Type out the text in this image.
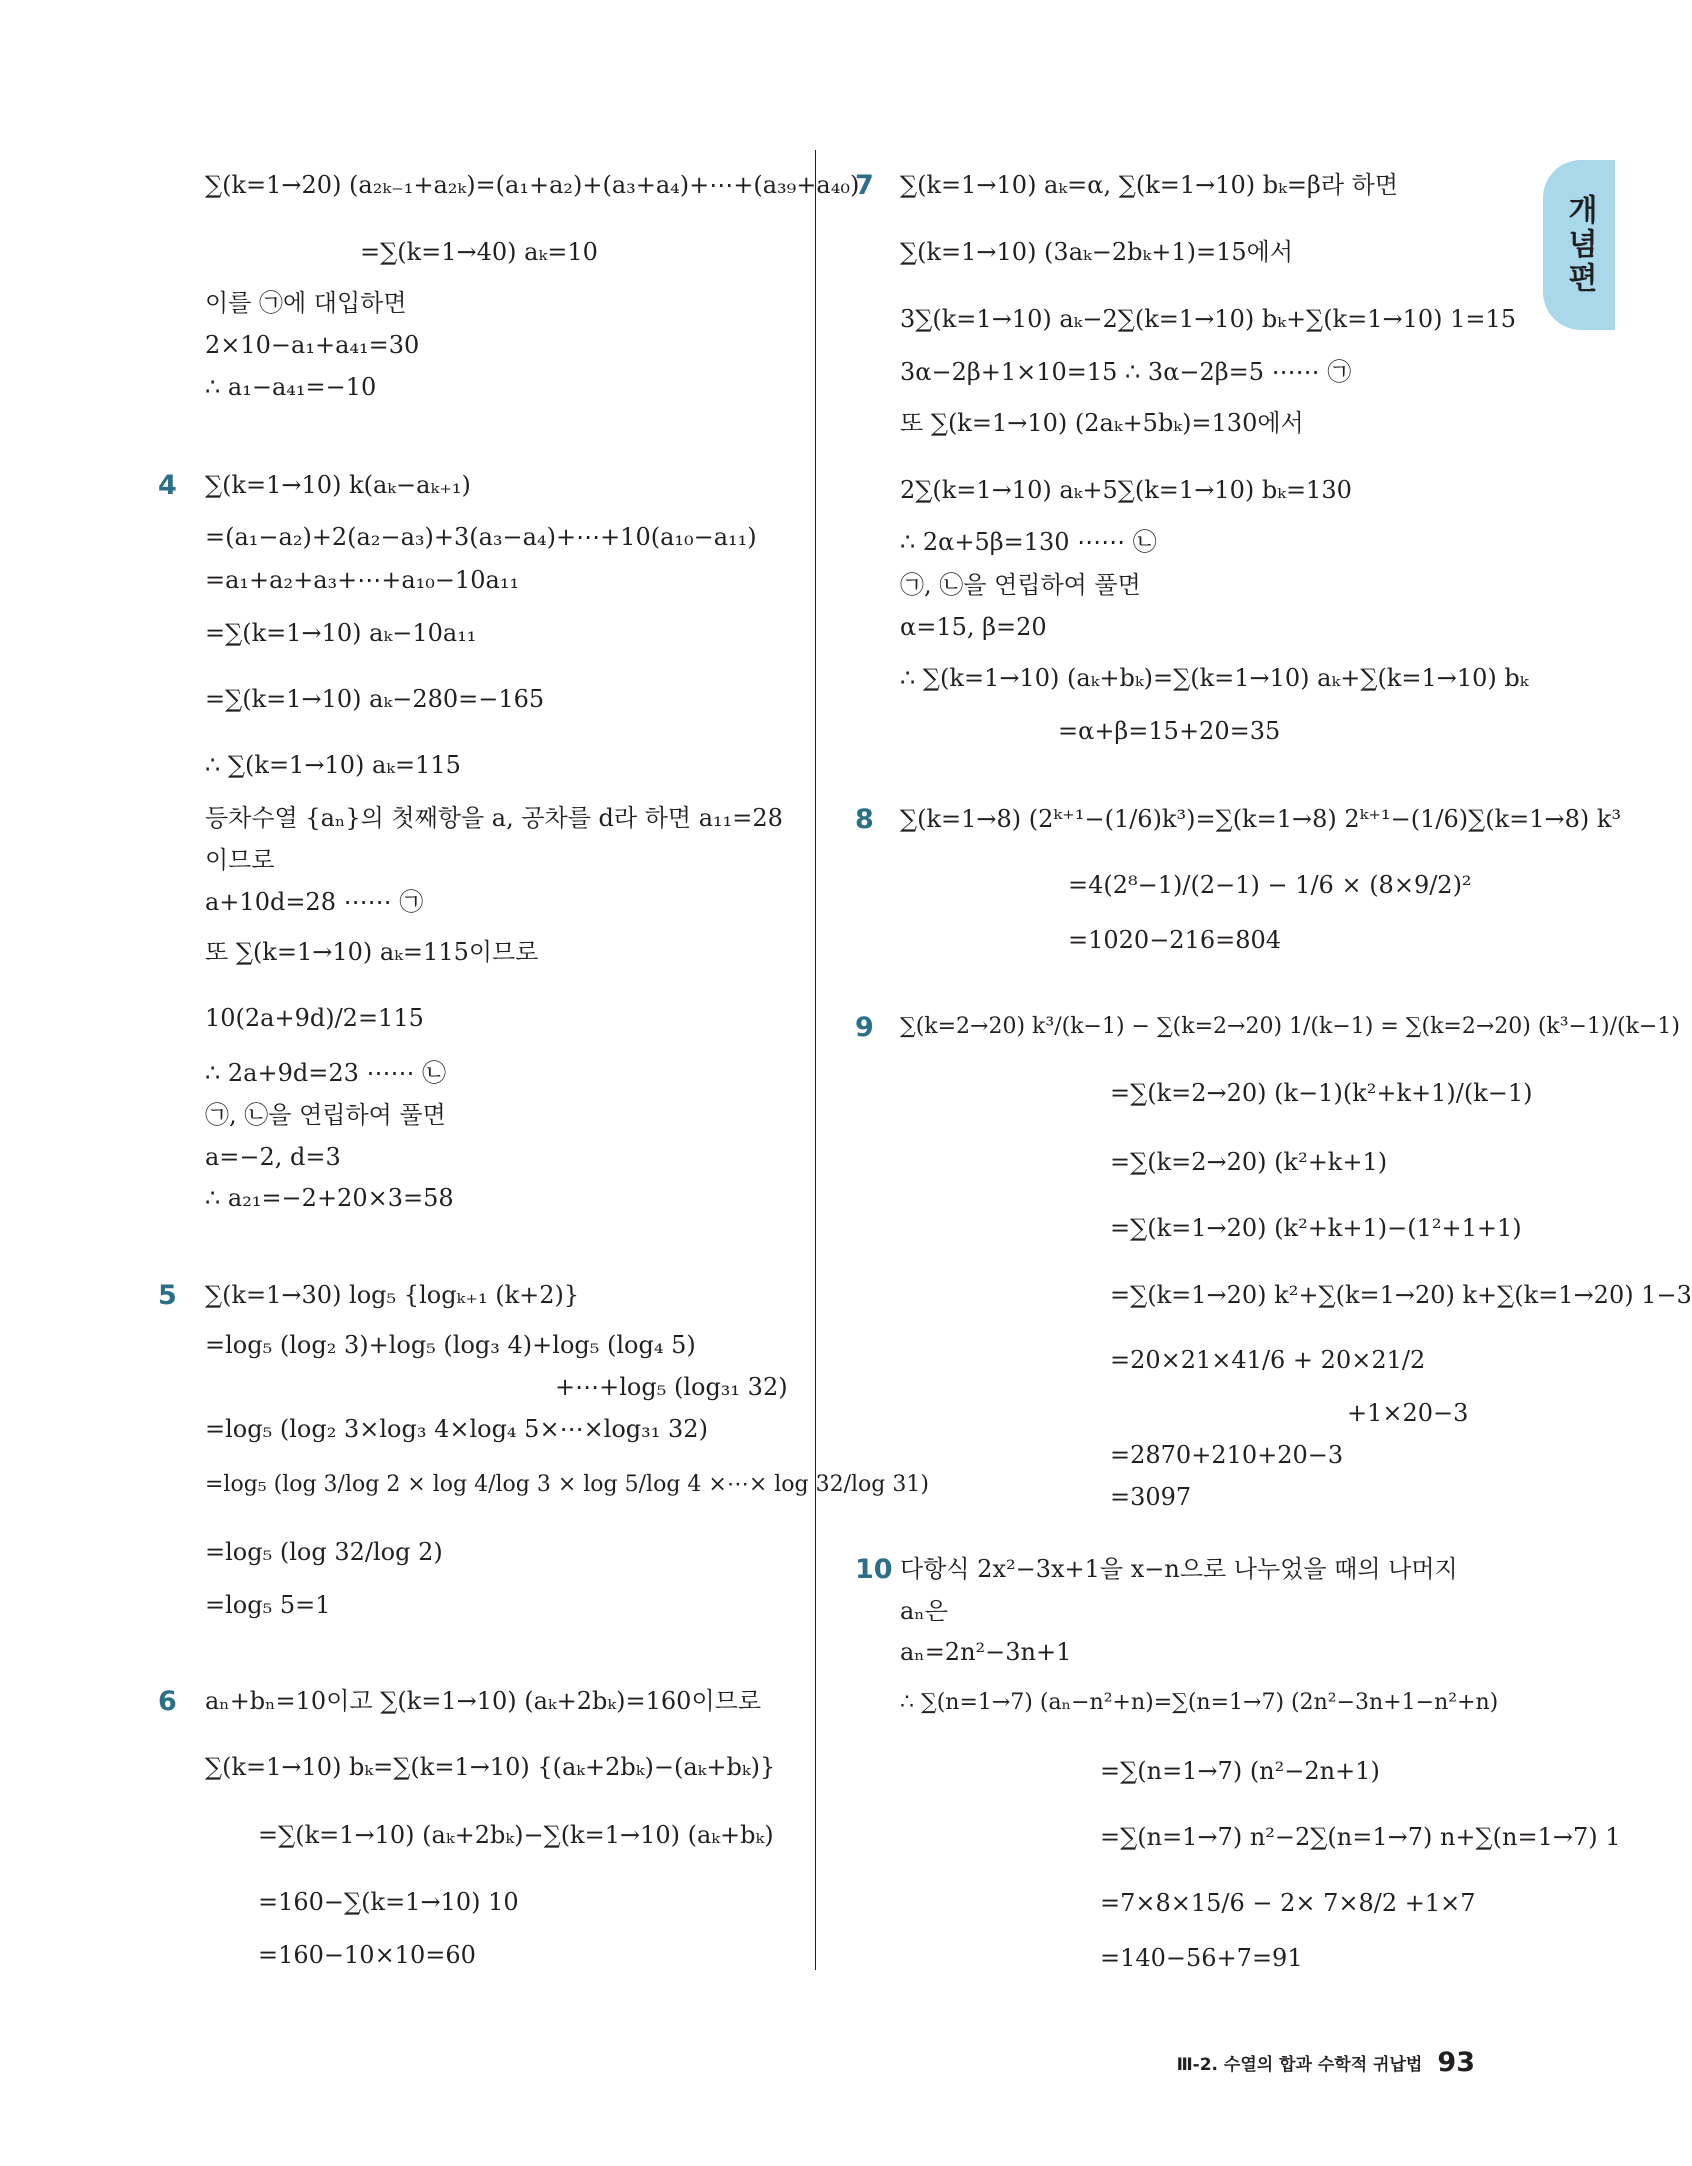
개념편
∑(k=1→20) (a₂ₖ₋₁+a₂ₖ)=(a₁+a₂)+(a₃+a₄)+⋯+(a₃₉+a₄₀)
=∑(k=1→40) aₖ=10
이를 ㉠에 대입하면
2×10−a₁+a₄₁=30
∴ a₁−a₄₁=−10
4 ∑(k=1→10) k(aₖ−aₖ₊₁)
=(a₁−a₂)+2(a₂−a₃)+3(a₃−a₄)+⋯+10(a₁₀−a₁₁)
=a₁+a₂+a₃+⋯+a₁₀−10a₁₁
=∑(k=1→10) aₖ−10a₁₁
=∑(k=1→10) aₖ−280=−165
∴ ∑(k=1→10) aₖ=115
등차수열 {aₙ}의 첫째항을 a, 공차를 d라 하면 a₁₁=28
이므로
a+10d=28 ⋯⋯ ㉠
또 ∑(k=1→10) aₖ=115이므로
10(2a+9d)/2=115
∴ 2a+9d=23 ⋯⋯ ㉡
㉠, ㉡을 연립하여 풀면
a=−2, d=3
∴ a₂₁=−2+20×3=58
5 ∑(k=1→30) log₅ {logₖ₊₁ (k+2)}
=log₅ (log₂ 3)+log₅ (log₃ 4)+log₅ (log₄ 5)
+⋯+log₅ (log₃₁ 32)
=log₅ (log₂ 3×log₃ 4×log₄ 5×⋯×log₃₁ 32)
=log₅ (log 3/log 2 × log 4/log 3 × log 5/log 4 ×⋯× log 32/log 31)
=log₅ (log 32/log 2)
=log₅ 5=1
6 aₙ+bₙ=10이고 ∑(k=1→10) (aₖ+2bₖ)=160이므로
∑(k=1→10) bₖ=∑(k=1→10) {(aₖ+2bₖ)−(aₖ+bₖ)}
=∑(k=1→10) (aₖ+2bₖ)−∑(k=1→10) (aₖ+bₖ)
=160−∑(k=1→10) 10
=160−10×10=60
7 ∑(k=1→10) aₖ=α, ∑(k=1→10) bₖ=β라 하면
∑(k=1→10) (3aₖ−2bₖ+1)=15에서
3∑(k=1→10) aₖ−2∑(k=1→10) bₖ+∑(k=1→10) 1=15
3α−2β+1×10=15 ∴ 3α−2β=5 ⋯⋯ ㉠
또 ∑(k=1→10) (2aₖ+5bₖ)=130에서
2∑(k=1→10) aₖ+5∑(k=1→10) bₖ=130
∴ 2α+5β=130 ⋯⋯ ㉡
㉠, ㉡을 연립하여 풀면
α=15, β=20
∴ ∑(k=1→10) (aₖ+bₖ)=∑(k=1→10) aₖ+∑(k=1→10) bₖ
=α+β=15+20=35
8 ∑(k=1→8) (2ᵏ⁺¹−(1/6)k³)=∑(k=1→8) 2ᵏ⁺¹−(1/6)∑(k=1→8) k³
=4(2⁸−1)/(2−1) − 1/6 × (8×9/2)²
=1020−216=804
9 ∑(k=2→20) k³/(k−1) − ∑(k=2→20) 1/(k−1) = ∑(k=2→20) (k³−1)/(k−1)
=∑(k=2→20) (k−1)(k²+k+1)/(k−1)
=∑(k=2→20) (k²+k+1)
=∑(k=1→20) (k²+k+1)−(1²+1+1)
=∑(k=1→20) k²+∑(k=1→20) k+∑(k=1→20) 1−3
=20×21×41/6 + 20×21/2
+1×20−3
=2870+210+20−3
=3097
10 다항식 2x²−3x+1을 x−n으로 나누었을 때의 나머지
aₙ은
aₙ=2n²−3n+1
∴ ∑(n=1→7) (aₙ−n²+n)=∑(n=1→7) (2n²−3n+1−n²+n)
=∑(n=1→7) (n²−2n+1)
=∑(n=1→7) n²−2∑(n=1→7) n+∑(n=1→7) 1
=7×8×15/6 − 2× 7×8/2 +1×7
=140−56+7=91
Ⅲ-2. 수열의 합과 수학적 귀납법 93
